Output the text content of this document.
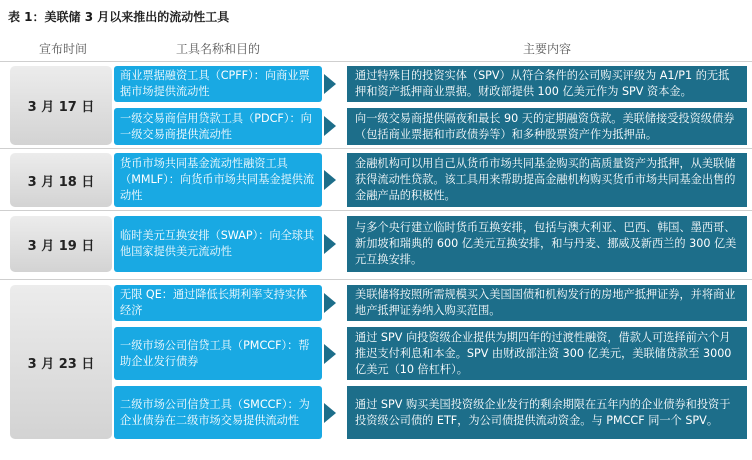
表 1：美联储 3 月以来推出的流动性工具
宣布时间	工具名称和目的	主要内容
3 月 17 日
商业票据融资工具（CPFF）：向商业票据市场提供流动性
通过特殊目的投资实体（SPV）从符合条件的公司购买评级为 A1/P1 的无抵押和资产抵押商业票据。财政部提供 100 亿美元作为 SPV 资本金。
一级交易商信用贷款工具（PDCF）：向一级交易商提供流动性
向一级交易商提供隔夜和最长 90 天的定期融资贷款。美联储接受投资级债券（包括商业票据和市政债券等）和多种股票资产作为抵押品。
3 月 18 日
货币市场共同基金流动性融资工具（MMLF）：向货币市场共同基金提供流动性
金融机构可以用自己从货币市场共同基金购买的高质量资产为抵押，从美联储获得流动性贷款。该工具用来帮助提高金融机构购买货币市场共同基金出售的金融产品的积极性。
3 月 19 日
临时美元互换安排（SWAP）：向全球其他国家提供美元流动性
与多个央行建立临时货币互换安排，包括与澳大利亚、巴西、韩国、墨西哥、新加坡和瑞典的 600 亿美元互换安排，和与丹麦、挪威及新西兰的 300 亿美元互换安排。
3 月 23 日
无限 QE：通过降低长期利率支持实体经济
美联储将按照所需规模买入美国国债和机构发行的房地产抵押证券，并将商业地产抵押证券纳入购买范围。
一级市场公司信贷工具（PMCCF）：帮助企业发行债券
通过 SPV 向投资级企业提供为期四年的过渡性融资，借款人可选择前六个月推迟支付利息和本金。SPV 由财政部注资 300 亿美元，美联储贷款至 3000 亿美元（10 倍杠杆）。
二级市场公司信贷工具（SMCCF）：为企业债券在二级市场交易提供流动性
通过 SPV 购买美国投资级企业发行的剩余期限在五年内的企业债券和投资于投资级公司债的 ETF，为公司债提供流动资金。与 PMCCF 同一个 SPV。
